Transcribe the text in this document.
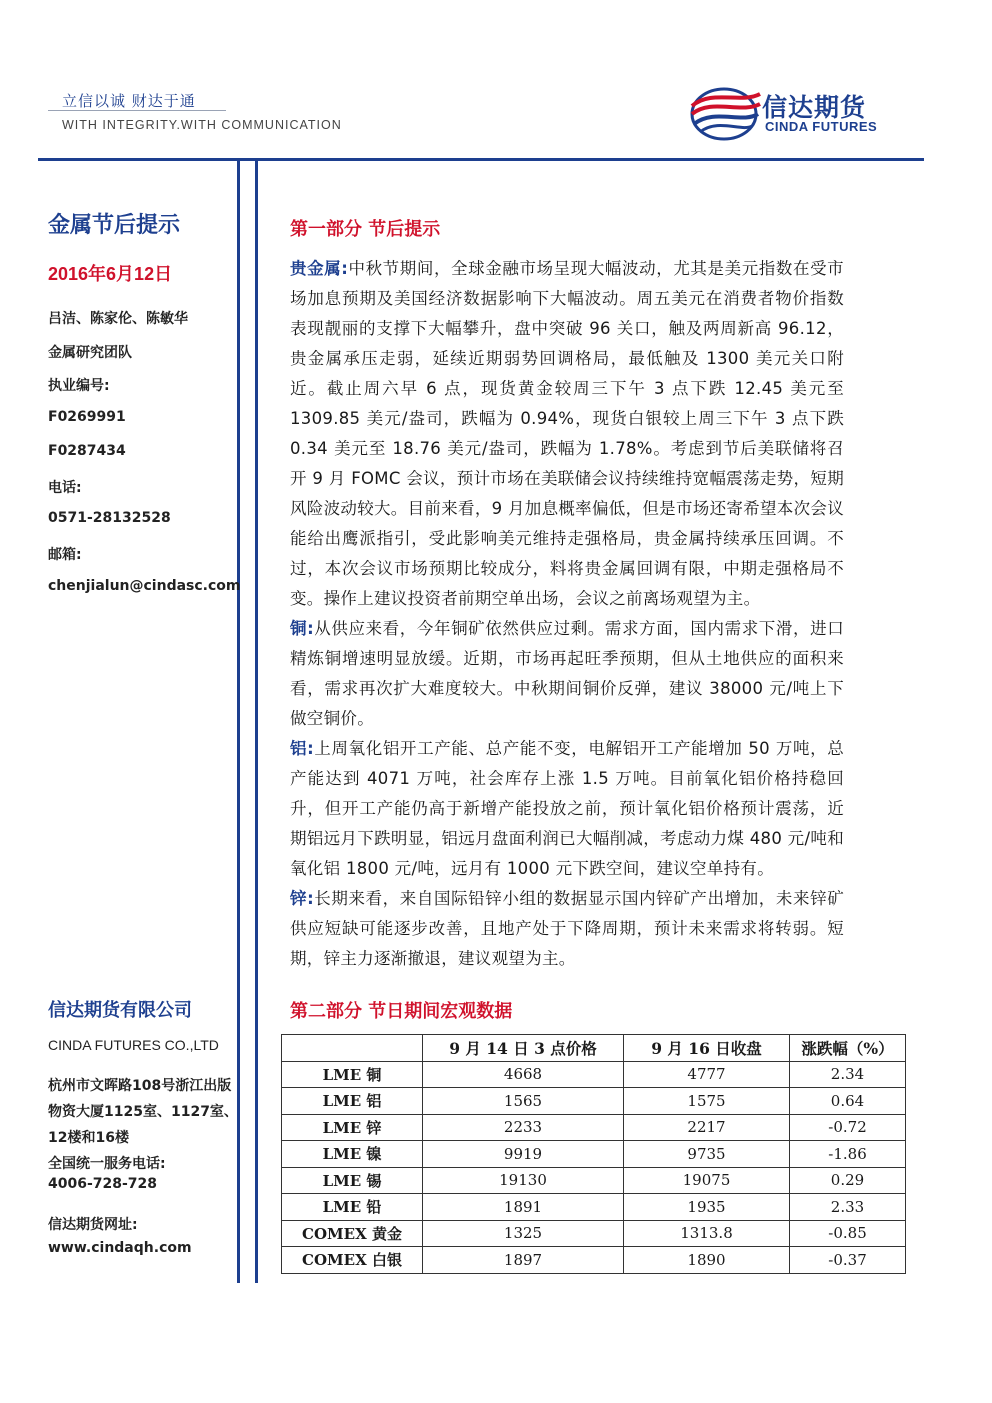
立信以诚 财达于通
WITH INTEGRITY.WITH COMMUNICATION
信达期货
CINDA FUTURES
金属节后提示
2016年6月12日
吕洁、陈家伦、陈敏华
金属研究团队
执业编号:
F0269991
F0287434
电话:
0571-28132528
邮箱:
chenjialun@cindasc.com
信达期货有限公司
CINDA FUTURES CO.,LTD
杭州市文晖路108号浙江出版
物资大厦1125室、1127室、
12楼和16楼
全国统一服务电话:
4006-728-728
信达期货网址:
www.cindaqh.com
第一部分 节后提示
贵金属:中秋节期间，全球金融市场呈现大幅波动，尤其是美元指数在受市场加息预期及美国经济数据影响下大幅波动。周五美元在消费者物价指数表现靓丽的支撑下大幅攀升，盘中突破 96 关口，触及两周新高 96.12，贵金属承压走弱，延续近期弱势回调格局，最低触及 1300 美元关口附近。截止周六早 6 点，现货黄金较周三下午 3 点下跌 12.45 美元至 1309.85 美元/盎司，跌幅为 0.94%，现货白银较上周三下午 3 点下跌 0.34 美元至 18.76 美元/盎司，跌幅为 1.78%。考虑到节后美联储将召开 9 月 FOMC 会议，预计市场在美联储会议持续维持宽幅震荡走势，短期风险波动较大。目前来看，9 月加息概率偏低，但是市场还寄希望本次会议能给出鹰派指引，受此影响美元维持走强格局，贵金属持续承压回调。不过，本次会议市场预期比较成分，料将贵金属回调有限，中期走强格局不变。操作上建议投资者前期空单出场，会议之前离场观望为主。
铜:从供应来看，今年铜矿依然供应过剩。需求方面，国内需求下滑，进口精炼铜增速明显放缓。近期，市场再起旺季预期，但从土地供应的面积来看，需求再次扩大难度较大。中秋期间铜价反弹，建议 38000 元/吨上下做空铜价。
铝:上周氧化铝开工产能、总产能不变，电解铝开工产能增加 50 万吨，总产能达到 4071 万吨，社会库存上涨 1.5 万吨。目前氧化铝价格持稳回升，但开工产能仍高于新增产能投放之前，预计氧化铝价格预计震荡，近期铝远月下跌明显，铝远月盘面利润已大幅削减，考虑动力煤 480 元/吨和氧化铝 1800 元/吨，远月有 1000 元下跌空间，建议空单持有。
锌:长期来看，来自国际铅锌小组的数据显示国内锌矿产出增加，未来锌矿供应短缺可能逐步改善，且地产处于下降周期，预计未来需求将转弱。短期，锌主力逐渐撤退，建议观望为主。
第二部分 节日期间宏观数据
	9 月 14 日 3 点价格	9 月 16 日收盘	涨跌幅（%）
LME 铜	4668	4777	2.34
LME 铝	1565	1575	0.64
LME 锌	2233	2217	-0.72
LME 镍	9919	9735	-1.86
LME 锡	19130	19075	0.29
LME 铅	1891	1935	2.33
COMEX 黄金	1325	1313.8	-0.85
COMEX 白银	1897	1890	-0.37
